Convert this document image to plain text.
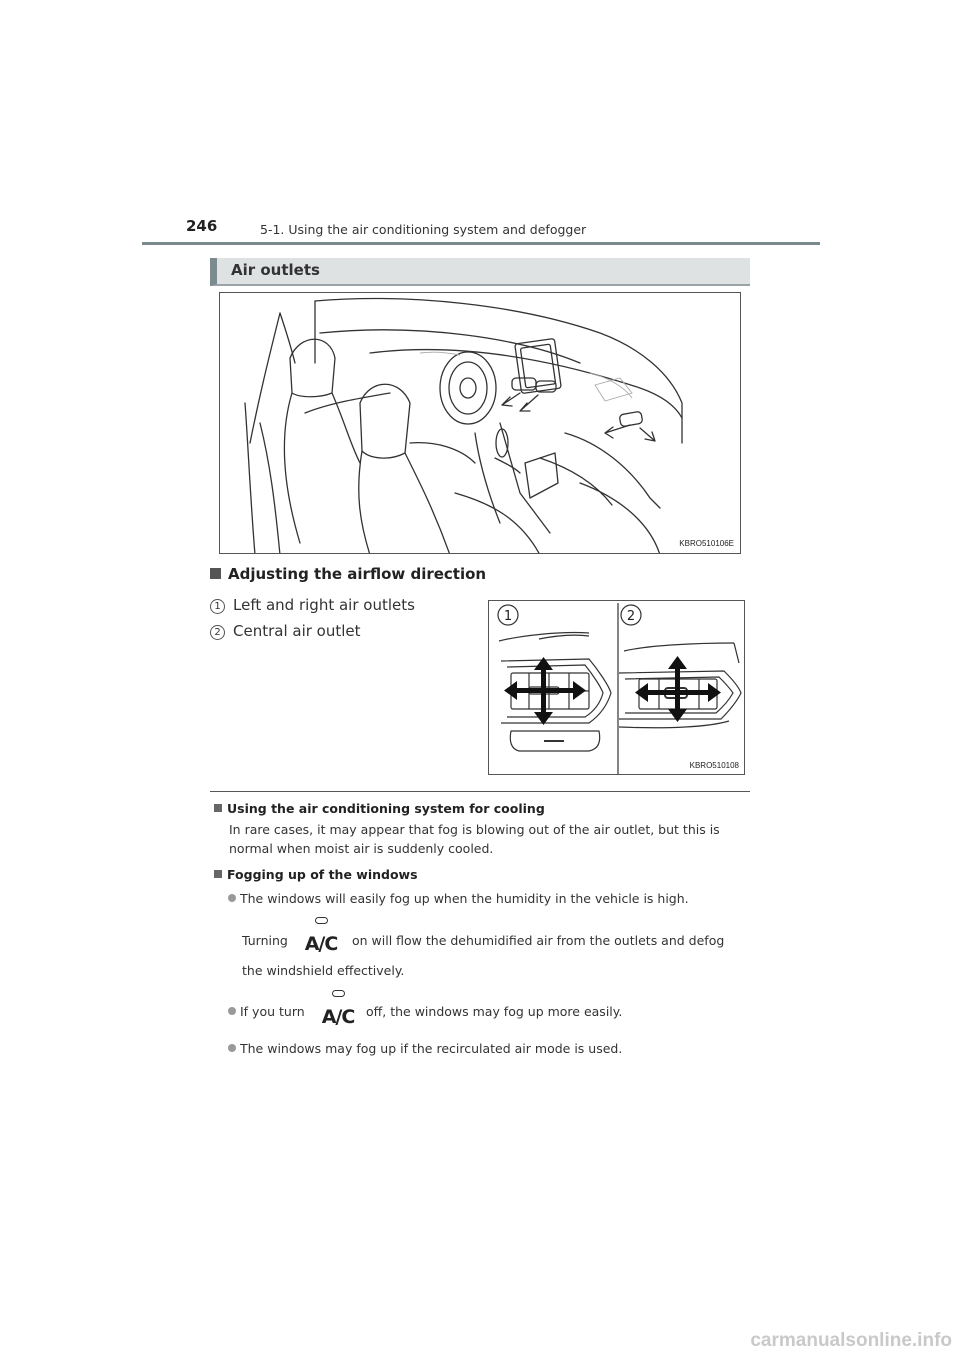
246	5-1. Using the air conditioning system and defogger
Air outlets
KBRO510106E
Adjusting the airflow direction
1 Left and right air outlets
2 Central air outlet
1	2
KBRO510108
Using the air conditioning system for cooling
In rare cases, it may appear that fog is blowing out of the air outlet, but this is
normal when moist air is suddenly cooled.
Fogging up of the windows
The windows will easily fog up when the humidity in the vehicle is high.
Turning A/C on will flow the dehumidified air from the outlets and defog
the windshield effectively.
If you turn A/C off, the windows may fog up more easily.
The windows may fog up if the recirculated air mode is used.
carmanualsonline.info
